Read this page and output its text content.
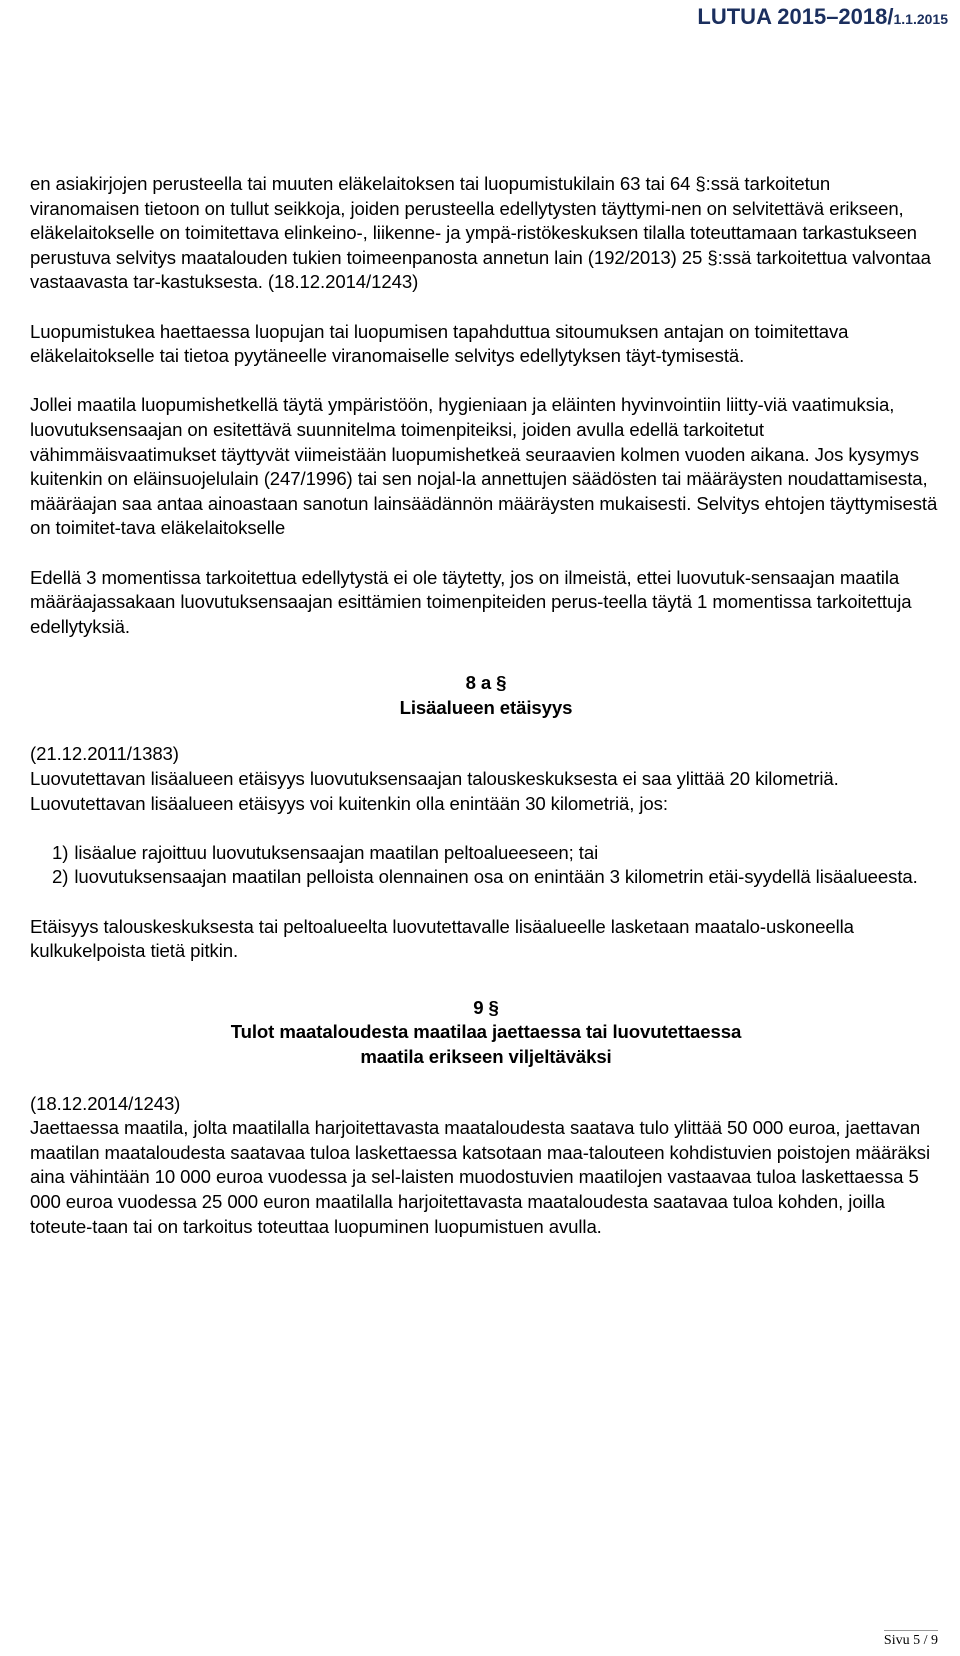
LUTUA 2015–2018/1.1.2015

en asiakirjojen perusteella tai muuten eläkelaitoksen tai luopumistukilain 63 tai 64 §:ssä tarkoitetun viranomaisen tietoon on tullut seikkoja, joiden perusteella edellytysten täyttymi-nen on selvitettävä erikseen, eläkelaitokselle on toimitettava elinkeino-, liikenne- ja ympä-ristökeskuksen tilalla toteuttamaan tarkastukseen perustuva selvitys maatalouden tukien toimeenpanosta annetun lain (192/2013) 25 §:ssä tarkoitettua valvontaa vastaavasta tar-kastuksesta. (18.12.2014/1243)

Luopumistukea haettaessa luopujan tai luopumisen tapahduttua sitoumuksen antajan on toimitettava eläkelaitokselle tai tietoa pyytäneelle viranomaiselle selvitys edellytyksen täyt-tymisestä.

Jollei maatila luopumishetkellä täytä ympäristöön, hygieniaan ja eläinten hyvinvointiin liitty-viä vaatimuksia, luovutuksensaajan on esitettävä suunnitelma toimenpiteiksi, joiden avulla edellä tarkoitetut vähimmäisvaatimukset täyttyvät viimeistään luopumishetkeä seuraavien kolmen vuoden aikana. Jos kysymys kuitenkin on eläinsuojelulain (247/1996) tai sen nojal-la annettujen säädösten tai määräysten noudattamisesta, määräajan saa antaa ainoastaan sanotun lainsäädännön määräysten mukaisesti. Selvitys ehtojen täyttymisestä on toimitet-tava eläkelaitokselle

Edellä 3 momentissa tarkoitettua edellytystä ei ole täytetty, jos on ilmeistä, ettei luovutuk-sensaajan maatila määräajassakaan luovutuksensaajan esittämien toimenpiteiden perus-teella täytä 1 momentissa tarkoitettuja edellytyksiä.

8 a §
Lisäalueen etäisyys

(21.12.2011/1383)

Luovutettavan lisäalueen etäisyys luovutuksensaajan talouskeskuksesta ei saa ylittää 20 kilometriä. Luovutettavan lisäalueen etäisyys voi kuitenkin olla enintään 30 kilometriä, jos:

1) lisäalue rajoittuu luovutuksensaajan maatilan peltoalueeseen; tai
2) luovutuksensaajan maatilan pelloista olennainen osa on enintään 3 kilometrin etäi-syydellä lisäalueesta.

Etäisyys talouskeskuksesta tai peltoalueelta luovutettavalle lisäalueelle lasketaan maatalo-uskoneella kulkukelpoista tietä pitkin.

9 §
Tulot maataloudesta maatilaa jaettaessa tai luovutettaessa
maatila erikseen viljeltäväksi

(18.12.2014/1243)

Jaettaessa maatila, jolta maatilalla harjoitettavasta maataloudesta saatava tulo ylittää 50 000 euroa, jaettavan maatilan maataloudesta saatavaa tuloa laskettaessa katsotaan maa-talouteen kohdistuvien poistojen määräksi aina vähintään 10 000 euroa vuodessa ja sel-laisten muodostuvien maatilojen vastaavaa tuloa laskettaessa 5 000 euroa vuodessa 25 000 euron maatilalla harjoitettavasta maataloudesta saatavaa tuloa kohden, joilla toteute-taan tai on tarkoitus toteuttaa luopuminen luopumistuen avulla.

Sivu 5 / 9
